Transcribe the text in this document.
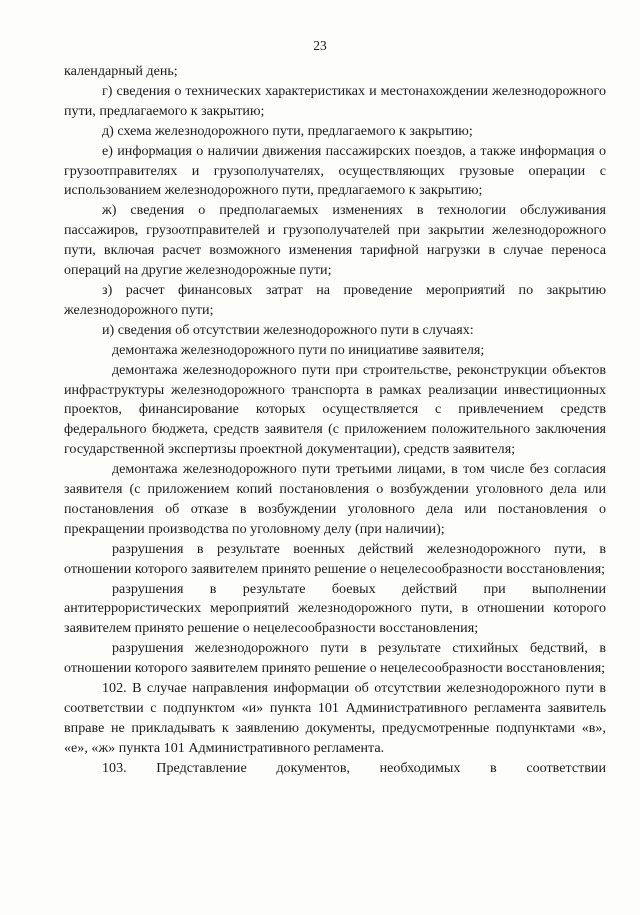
23

календарный день;

г) сведения о технических характеристиках и местонахождении железнодорожного пути, предлагаемого к закрытию;

д) схема железнодорожного пути, предлагаемого к закрытию;

е) информация о наличии движения пассажирских поездов, а также информация о грузоотправителях и грузополучателях, осуществляющих грузовые операции с использованием железнодорожного пути, предлагаемого к закрытию;

ж) сведения о предполагаемых изменениях в технологии обслуживания пассажиров, грузоотправителей и грузополучателей при закрытии железнодорожного пути, включая расчет возможного изменения тарифной нагрузки в случае переноса операций на другие железнодорожные пути;

з) расчет финансовых затрат на проведение мероприятий по закрытию железнодорожного пути;

и) сведения об отсутствии железнодорожного пути в случаях:

демонтажа железнодорожного пути по инициативе заявителя;

демонтажа железнодорожного пути при строительстве, реконструкции объектов инфраструктуры железнодорожного транспорта в рамках реализации инвестиционных проектов, финансирование которых осуществляется с привлечением средств федерального бюджета, средств заявителя (с приложением положительного заключения государственной экспертизы проектной документации), средств заявителя;

демонтажа железнодорожного пути третьими лицами, в том числе без согласия заявителя (с приложением копий постановления о возбуждении уголовного дела или постановления об отказе в возбуждении уголовного дела или постановления о прекращении производства по уголовному делу (при наличии);

разрушения в результате военных действий железнодорожного пути, в отношении которого заявителем принято решение о нецелесообразности восстановления;

разрушения в результате боевых действий при выполнении антитеррористических мероприятий железнодорожного пути, в отношении которого заявителем принято решение о нецелесообразности восстановления;

разрушения железнодорожного пути в результате стихийных бедствий, в отношении которого заявителем принято решение о нецелесообразности восстановления;

102. В случае направления информации об отсутствии железнодорожного пути в соответствии с подпунктом «и» пункта 101 Административного регламента заявитель вправе не прикладывать к заявлению документы, предусмотренные подпунктами «в», «е», «ж» пункта 101 Административного регламента.

103. Представление документов, необходимых в соответствии
